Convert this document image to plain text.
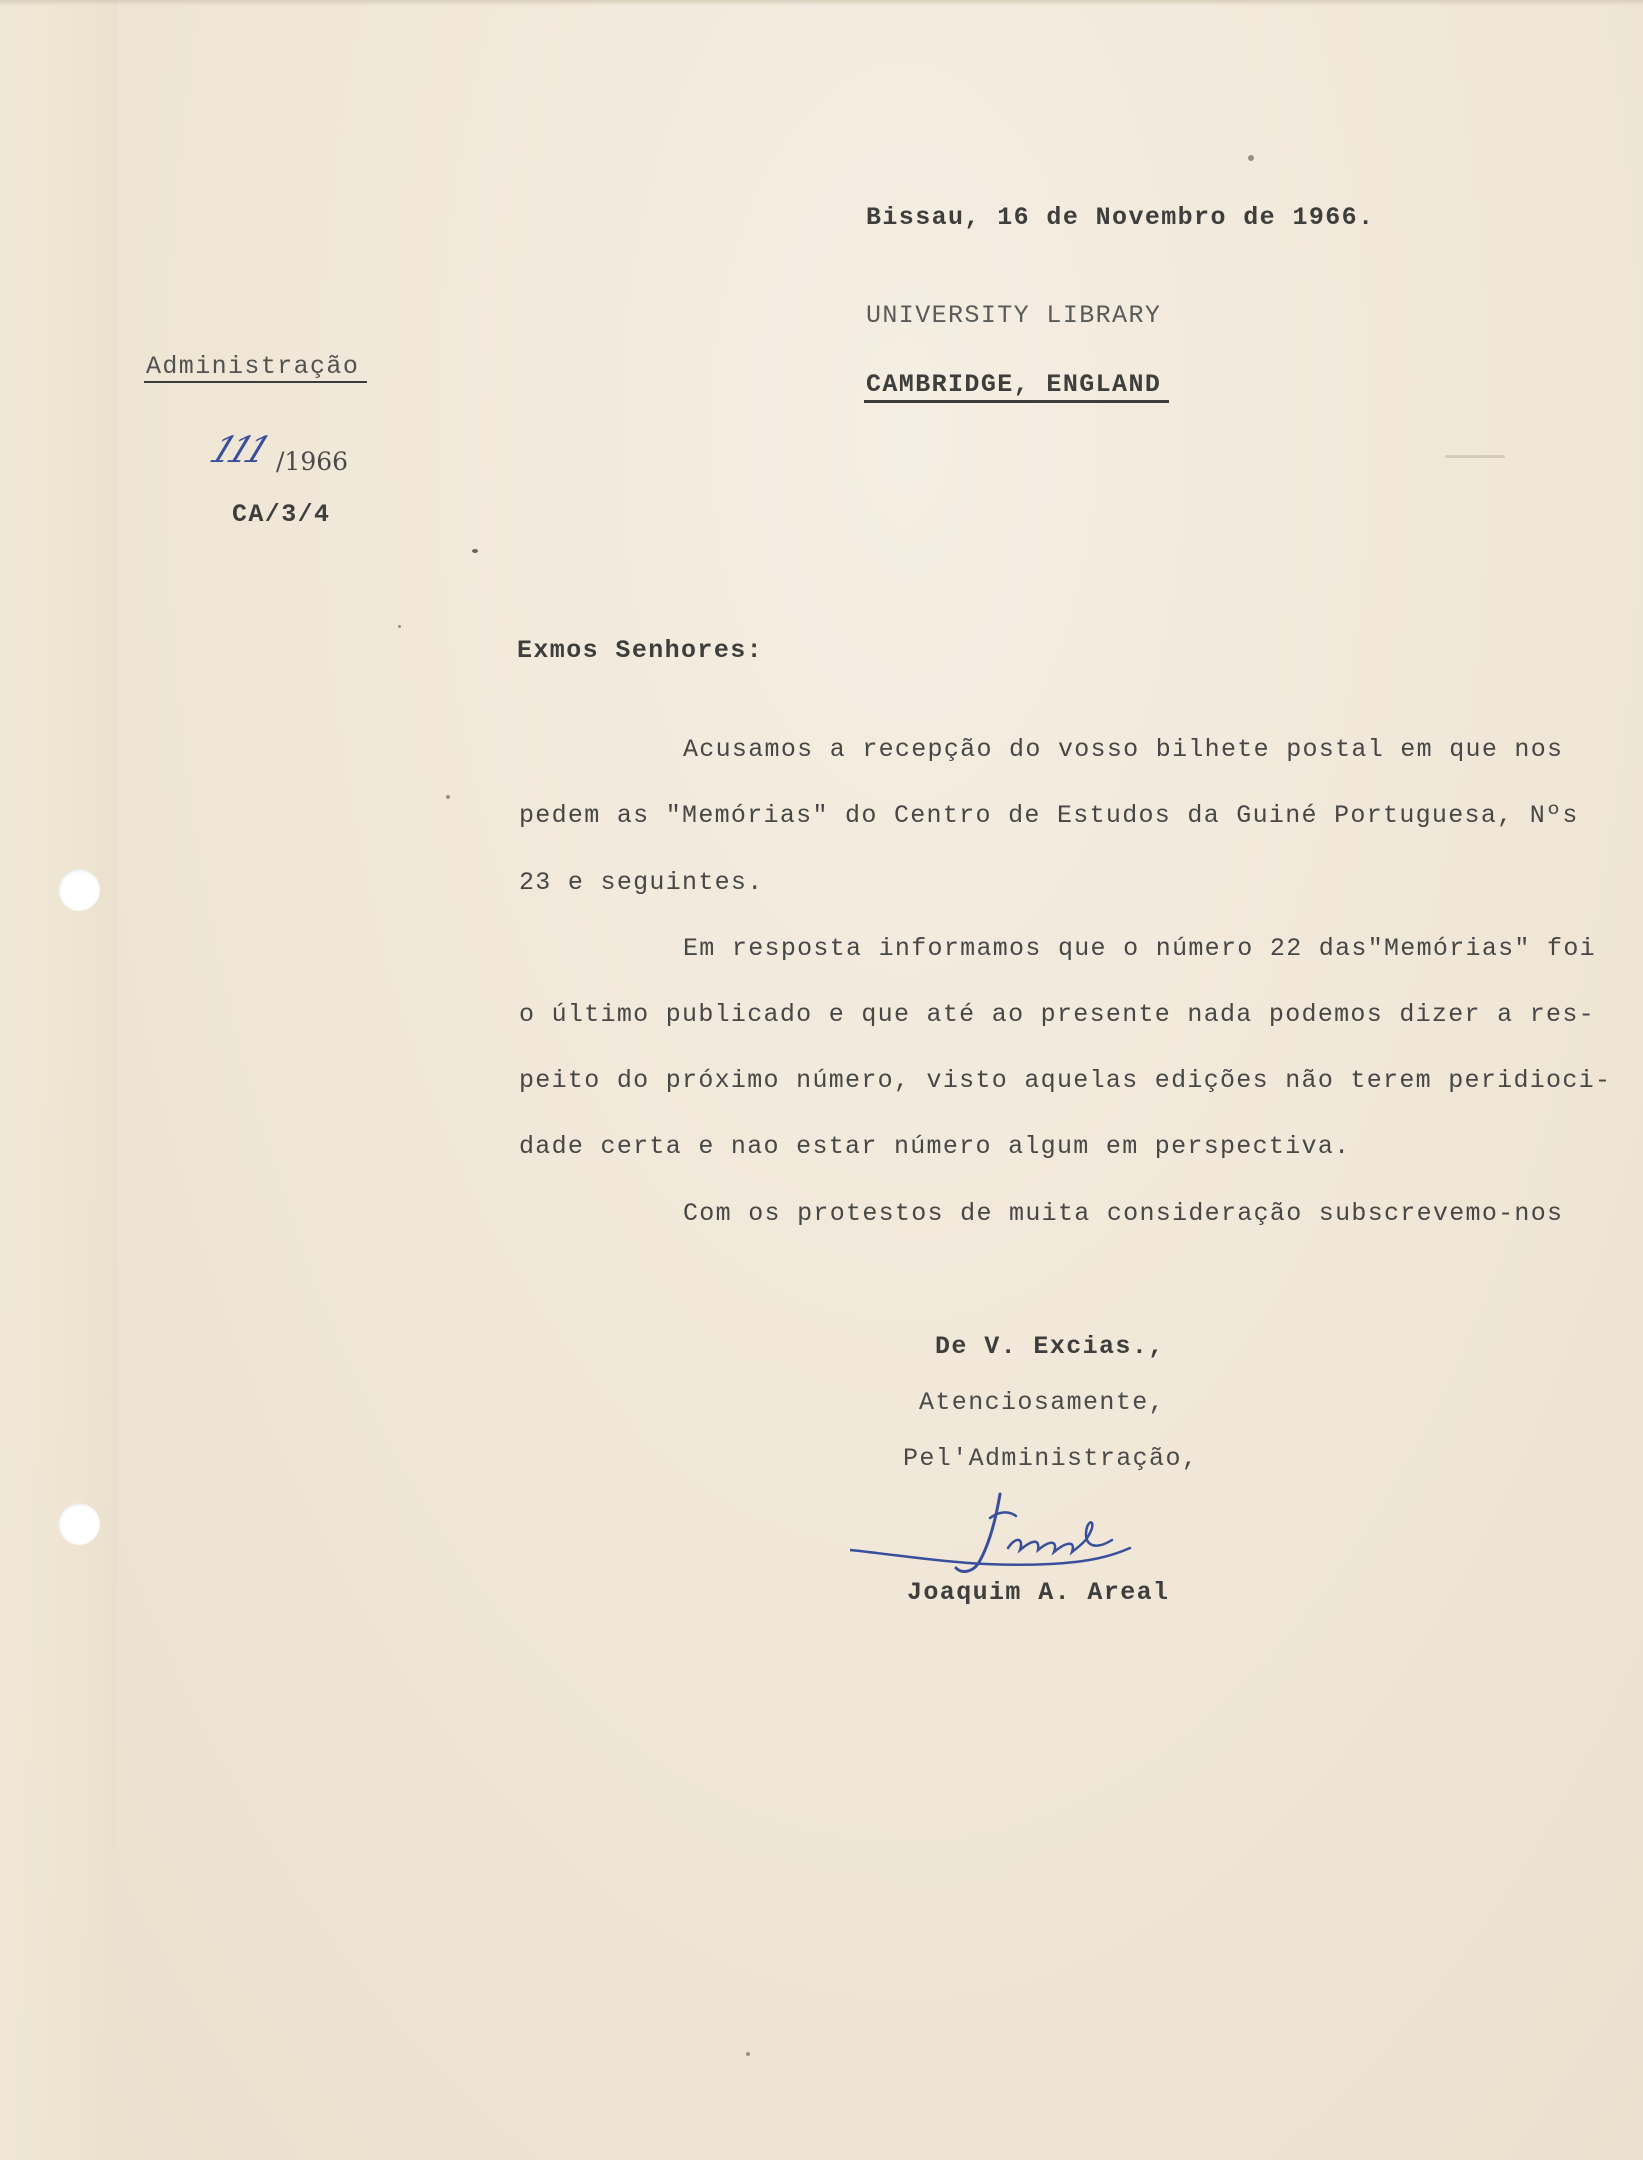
Bissau, 16 de Novembro de 1966.

UNIVERSITY LIBRARY

CAMBRIDGE, ENGLAND

Administração

111 /1966

CA/3/4

Exmos Senhores:

Acusamos a recepção do vosso bilhete postal em que nos

pedem as "Memórias" do Centro de Estudos da Guiné Portuguesa, Nºs

23 e seguintes.

Em resposta informamos que o número 22 das"Memórias" foi

o último publicado e que até ao presente nada podemos dizer a res-

peito do próximo número, visto aquelas edições não terem peridioci-

dade certa e nao estar número algum em perspectiva.

Com os protestos de muita consideração subscrevemo-nos

De V. Excias.,

Atenciosamente,

Pel'Administração,

Joaquim A. Areal
